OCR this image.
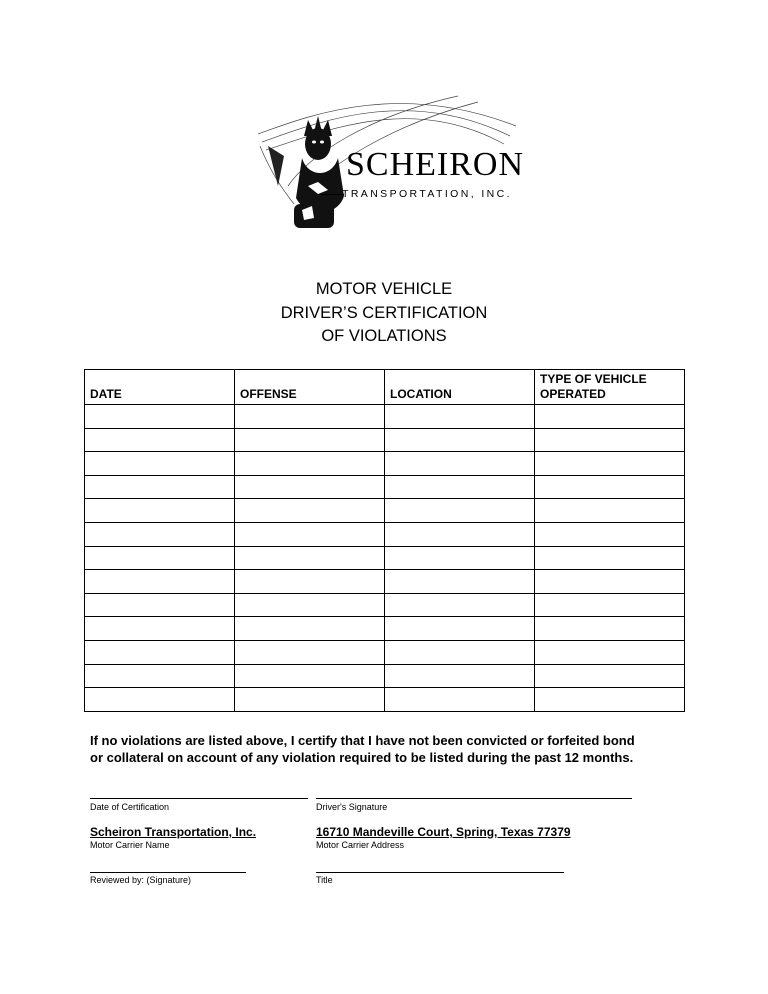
SCHEIRON
TRANSPORTATION, INC.
MOTOR VEHICLE
DRIVER’S CERTIFICATION
OF VIOLATIONS
DATE	OFFENSE	LOCATION	TYPE OF VEHICLE OPERATED

If no violations are listed above, I certify that I have not been convicted or forfeited bond or collateral on account of any violation required to be listed during the past 12 months.
Date of Certification	Driver's Signature
Scheiron Transportation, Inc.
Motor Carrier Name
16710 Mandeville Court, Spring, Texas 77379
Motor Carrier Address
Reviewed by: (Signature)	Title
